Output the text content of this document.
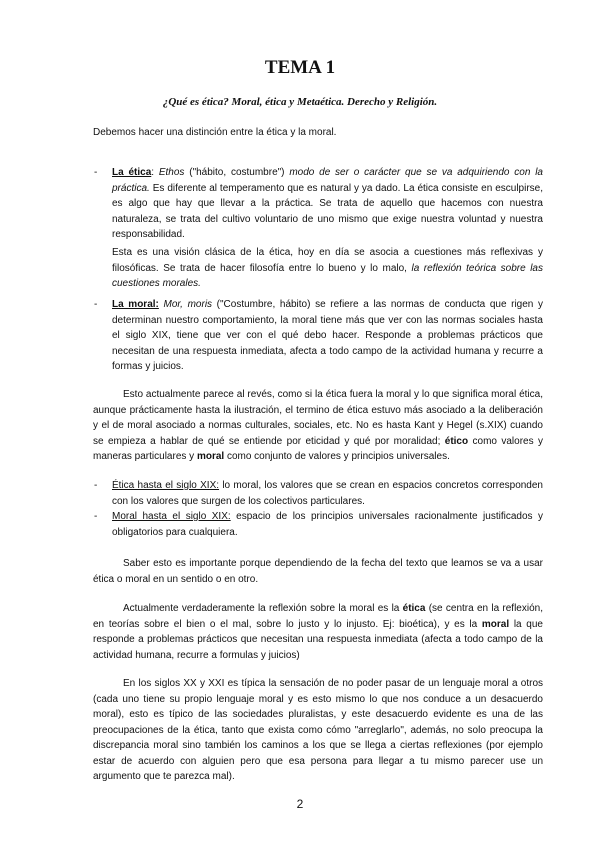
TEMA 1
¿Qué es ética? Moral, ética y Metaética. Derecho y Religión.

Debemos hacer una distinción entre la ética y la moral.

- La ética: Ethos ("hábito, costumbre") modo de ser o carácter que se va adquiriendo con la práctica. Es diferente al temperamento que es natural y ya dado. La ética consiste en esculpirse, es algo que hay que llevar a la práctica. Se trata de aquello que hacemos con nuestra naturaleza, se trata del cultivo voluntario de uno mismo que exige nuestra voluntad y nuestra responsabilidad.

Esta es una visión clásica de la ética, hoy en día se asocia a cuestiones más reflexivas y filosóficas. Se trata de hacer filosofía entre lo bueno y lo malo, la reflexión teórica sobre las cuestiones morales.

- La moral: Mor, moris ("Costumbre, hábito) se refiere a las normas de conducta que rigen y determinan nuestro comportamiento, la moral tiene más que ver con las normas sociales hasta el siglo XIX, tiene que ver con el qué debo hacer. Responde a problemas prácticos que necesitan de una respuesta inmediata, afecta a todo campo de la actividad humana y recurre a formas y juicios.

Esto actualmente parece al revés, como si la ética fuera la moral y lo que significa moral ética, aunque prácticamente hasta la ilustración, el termino de ética estuvo más asociado a la deliberación y el de moral asociado a normas culturales, sociales, etc. No es hasta Kant y Hegel (s.XIX) cuando se empieza a hablar de qué se entiende por eticidad y qué por moralidad; ético como valores y maneras particulares y moral como conjunto de valores y principios universales.

- Ética hasta el siglo XIX: lo moral, los valores que se crean en espacios concretos corresponden con los valores que surgen de los colectivos particulares.

- Moral hasta el siglo XIX: espacio de los principios universales racionalmente justificados y obligatorios para cualquiera.

Saber esto es importante porque dependiendo de la fecha del texto que leamos se va a usar ética o moral en un sentido o en otro.

Actualmente verdaderamente la reflexión sobre la moral es la ética (se centra en la reflexión, en teorías sobre el bien o el mal, sobre lo justo y lo injusto. Ej: bioética), y es la moral la que responde a problemas prácticos que necesitan una respuesta inmediata (afecta a todo campo de la actividad humana, recurre a formulas y juicios)

En los siglos XX y XXI es típica la sensación de no poder pasar de un lenguaje moral a otros (cada uno tiene su propio lenguaje moral y es esto mismo lo que nos conduce a un desacuerdo moral), esto es típico de las sociedades pluralistas, y este desacuerdo evidente es una de las preocupaciones de la ética, tanto que exista como cómo "arreglarlo", además, no solo preocupa la discrepancia moral sino también los caminos a los que se llega a ciertas reflexiones (por ejemplo estar de acuerdo con alguien pero que esa persona para llegar a tu mismo parecer use un argumento que te parezca mal).

2
